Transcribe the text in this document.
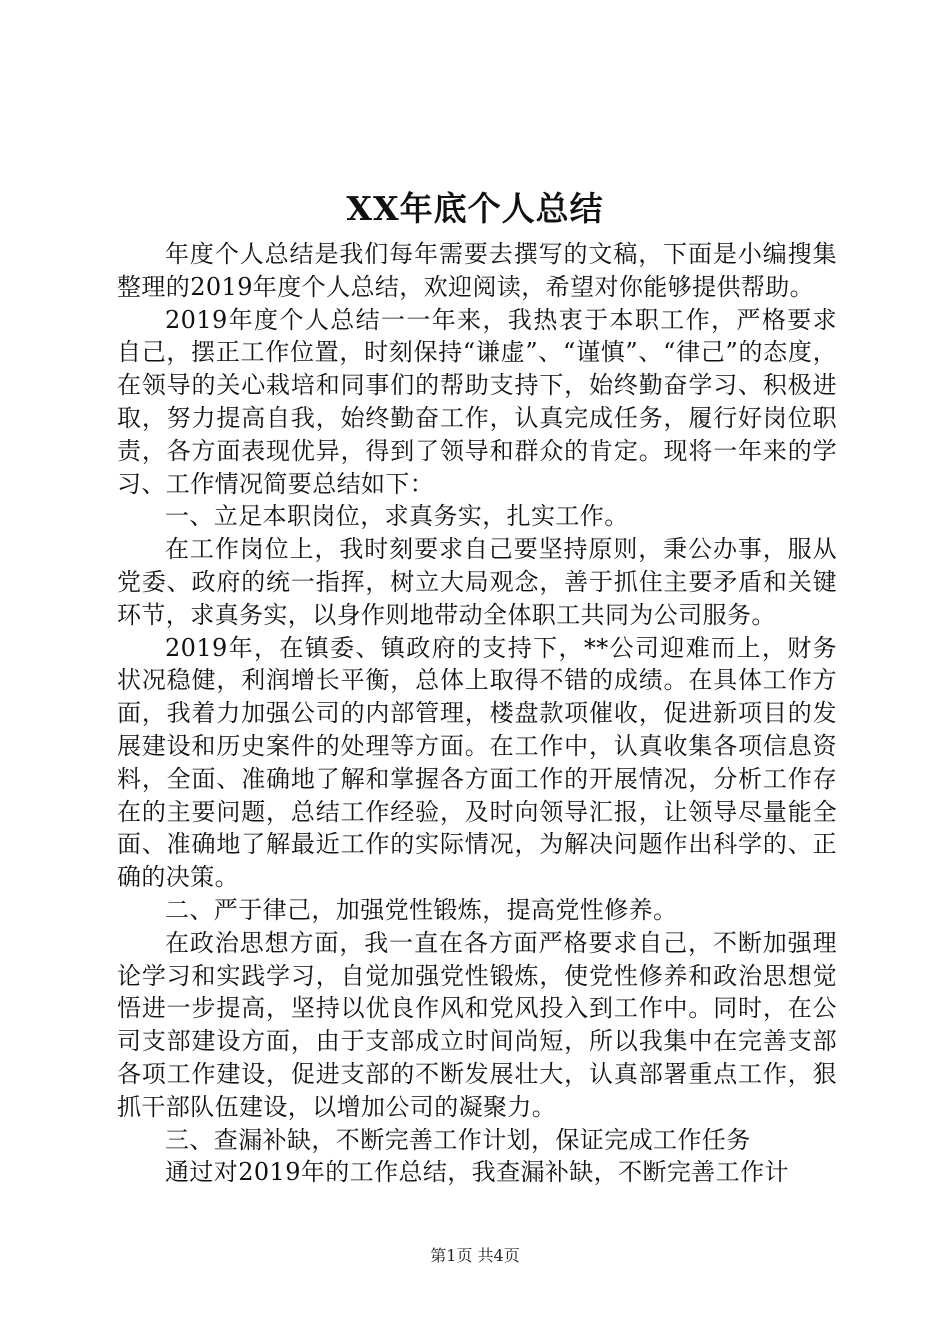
XX年底个人总结

年度个人总结是我们每年需要去撰写的文稿，下面是小编搜集整理的2019年度个人总结，欢迎阅读，希望对你能够提供帮助。

2019年度个人总结一一年来，我热衷于本职工作，严格要求自己，摆正工作位置，时刻保持“谦虚”、“谨慎”、“律己”的态度，在领导的关心栽培和同事们的帮助支持下，始终勤奋学习、积极进取，努力提高自我，始终勤奋工作，认真完成任务，履行好岗位职责，各方面表现优异，得到了领导和群众的肯定。现将一年来的学习、工作情况简要总结如下：

一、立足本职岗位，求真务实，扎实工作。

在工作岗位上，我时刻要求自己要坚持原则，秉公办事，服从党委、政府的统一指挥，树立大局观念，善于抓住主要矛盾和关键环节，求真务实，以身作则地带动全体职工共同为公司服务。

2019年，在镇委、镇政府的支持下，**公司迎难而上，财务状况稳健，利润增长平衡，总体上取得不错的成绩。在具体工作方面，我着力加强公司的内部管理，楼盘款项催收，促进新项目的发展建设和历史案件的处理等方面。在工作中，认真收集各项信息资料，全面、准确地了解和掌握各方面工作的开展情况，分析工作存在的主要问题，总结工作经验，及时向领导汇报，让领导尽量能全面、准确地了解最近工作的实际情况，为解决问题作出科学的、正确的决策。

二、严于律己，加强党性锻炼，提高党性修养。

在政治思想方面，我一直在各方面严格要求自己，不断加强理论学习和实践学习，自觉加强党性锻炼，使党性修养和政治思想觉悟进一步提高，坚持以优良作风和党风投入到工作中。同时，在公司支部建设方面，由于支部成立时间尚短，所以我集中在完善支部各项工作建设，促进支部的不断发展壮大，认真部署重点工作，狠抓干部队伍建设，以增加公司的凝聚力。

三、查漏补缺，不断完善工作计划，保证完成工作任务

通过对2019年的工作总结，我查漏补缺，不断完善工作计

第1页 共4页
